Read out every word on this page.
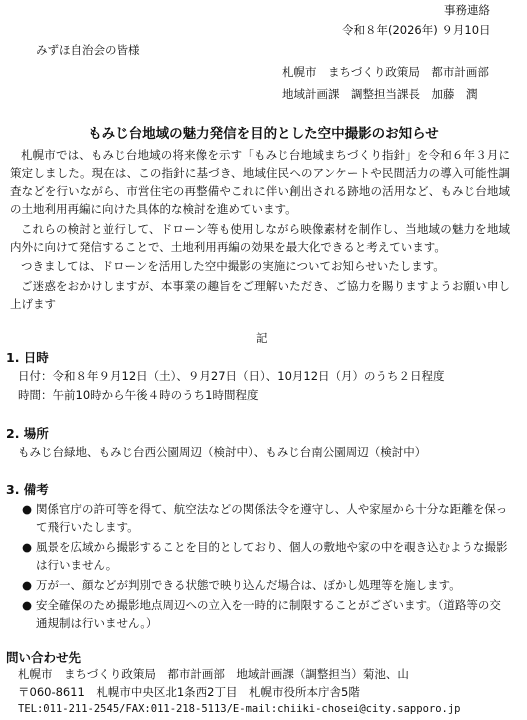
事務連絡
令和８年(2026年) ９月10日
みずほ自治会の皆様
札幌市　まちづくり政策局　都市計画部
地域計画課　調整担当課長　加藤　潤
もみじ台地域の魅力発信を目的とした空中撮影のお知らせ
札幌市では、もみじ台地域の将来像を示す「もみじ台地域まちづくり指針」を令和６年３月に策定しました。現在は、この指針に基づき、地域住民へのアンケートや民間活力の導入可能性調査などを行いながら、市営住宅の再整備やこれに伴い創出される跡地の活用など、もみじ台地域の土地利用再編に向けた具体的な検討を進めています。
これらの検討と並行して、ドローン等も使用しながら映像素材を制作し、当地域の魅力を地域内外に向けて発信することで、土地利用再編の効果を最大化できると考えています。
つきましては、ドローンを活用した空中撮影の実施についてお知らせいたします。
ご迷惑をおかけしますが、本事業の趣旨をご理解いただき、ご協力を賜りますようお願い申し上げます
記
1. 日時
日付：令和８年９月12日（土）、９月27日（日）、10月12日（月）のうち２日程度
時間：午前10時から午後４時のうち1時間程度
2. 場所
もみじ台緑地、もみじ台西公園周辺（検討中）、もみじ台南公園周辺（検討中）
3. 備考
● 関係官庁の許可等を得て、航空法などの関係法令を遵守し、人や家屋から十分な距離を保って飛行いたします。
● 風景を広域から撮影することを目的としており、個人の敷地や家の中を覗き込むような撮影は行いません。
● 万が一、顔などが判別できる状態で映り込んだ場合は、ぼかし処理等を施します。
● 安全確保のため撮影地点周辺への立入を一時的に制限することがございます。（道路等の交通規制は行いません。）
問い合わせ先
札幌市　まちづくり政策局　都市計画部　地域計画課（調整担当）菊池、山
〒060-8611　札幌市中央区北1条西2丁目　札幌市役所本庁舎5階
TEL:011-211-2545/FAX:011-218-5113/E-mail:chiiki-chosei@city.sapporo.jp
